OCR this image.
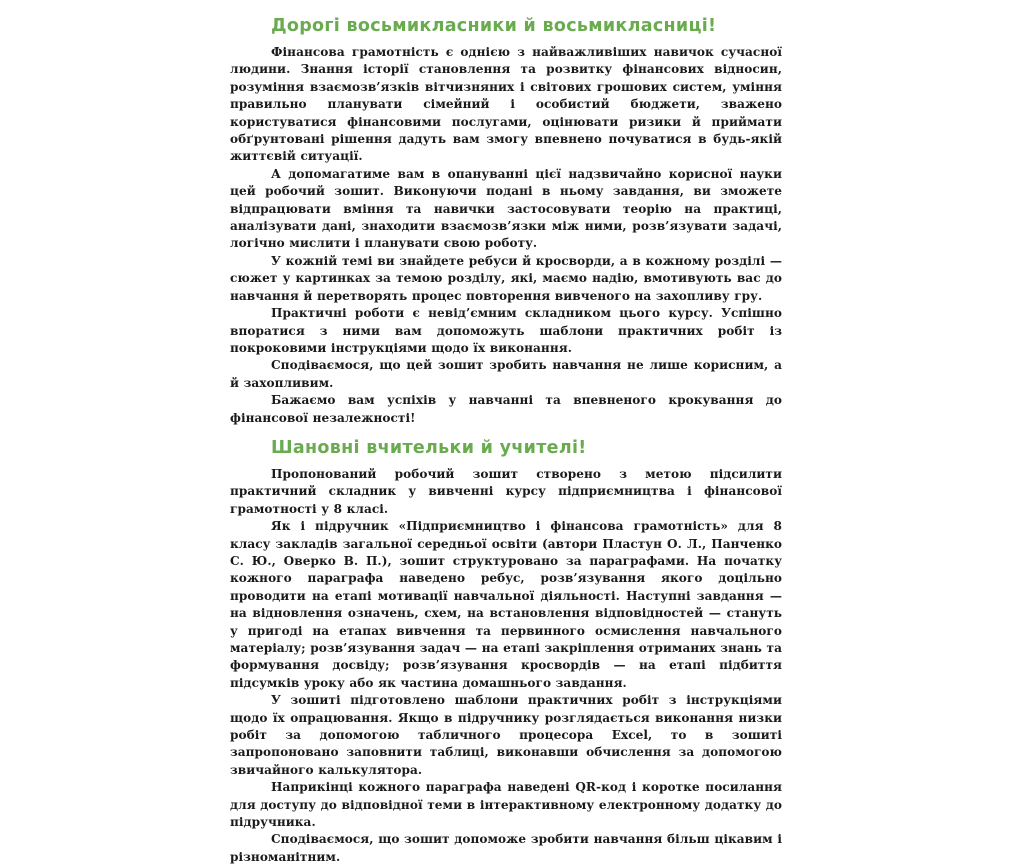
Дорогі восьмикласники й восьмикласниці!

Фінансова грамотність є однією з найважливіших навичок сучасної людини. Знання історії становлення та розвитку фінансових відносин, розуміння взаємозв’язків вітчизняних і світових грошових систем, уміння правильно планувати сімейний і особистий бюджети, зважено користуватися фінансовими послугами, оцінювати ризики й приймати обґрунтовані рішення дадуть вам змогу впевнено почуватися в будь-якій життєвій ситуації.

А допомагатиме вам в опануванні цієї надзвичайно корисної науки цей робочий зошит. Виконуючи подані в ньому завдання, ви зможете відпрацювати вміння та навички застосовувати теорію на практиці, аналізувати дані, знаходити взаємозв’язки між ними, розв’язувати задачі, логічно мислити і планувати свою роботу.

У кожній темі ви знайдете ребуси й кросворди, а в кожному розділі — сюжет у картинках за темою розділу, які, маємо надію, вмотивують вас до навчання й перетворять процес повторення вивченого на захопливу гру.

Практичні роботи є невід’ємним складником цього курсу. Успішно впоратися з ними вам допоможуть шаблони практичних робіт із покроковими інструкціями щодо їх виконання.

Сподіваємося, що цей зошит зробить навчання не лише корисним, а й захопливим.

Бажаємо вам успіхів у навчанні та впевненого крокування до фінансової незалежності!

Шановні вчительки й учителі!

Пропонований робочий зошит створено з метою підсилити практичний складник у вивченні курсу підприємництва і фінансової грамотності у 8 класі.

Як і підручник «Підприємництво і фінансова грамотність» для 8 класу закладів загальної середньої освіти (автори Пластун О. Л., Панченко С. Ю., Оверко В. П.), зошит структуровано за параграфами. На початку кожного параграфа наведено ребус, розв’язування якого доцільно проводити на етапі мотивації навчальної діяльності. Наступні завдання — на відновлення означень, схем, на встановлення відповідностей — стануть у пригоді на етапах вивчення та первинного осмислення навчального матеріалу; розв’язування задач — на етапі закріплення отриманих знань та формування досвіду; розв’язування кросвордів — на етапі підбиття підсумків уроку або як частина домашнього завдання.

У зошиті підготовлено шаблони практичних робіт з інструкціями щодо їх опрацювання. Якщо в підручнику розглядається виконання низки робіт за допомогою табличного процесора Excel, то в зошиті запропоновано заповнити таблиці, виконавши обчислення за допомогою звичайного калькулятора.

Наприкінці кожного параграфа наведені QR-код і коротке посилання для доступу до відповідної теми в інтерактивному електронному додатку до підручника.

Сподіваємося, що зошит допоможе зробити навчання більш цікавим і різноманітним.
